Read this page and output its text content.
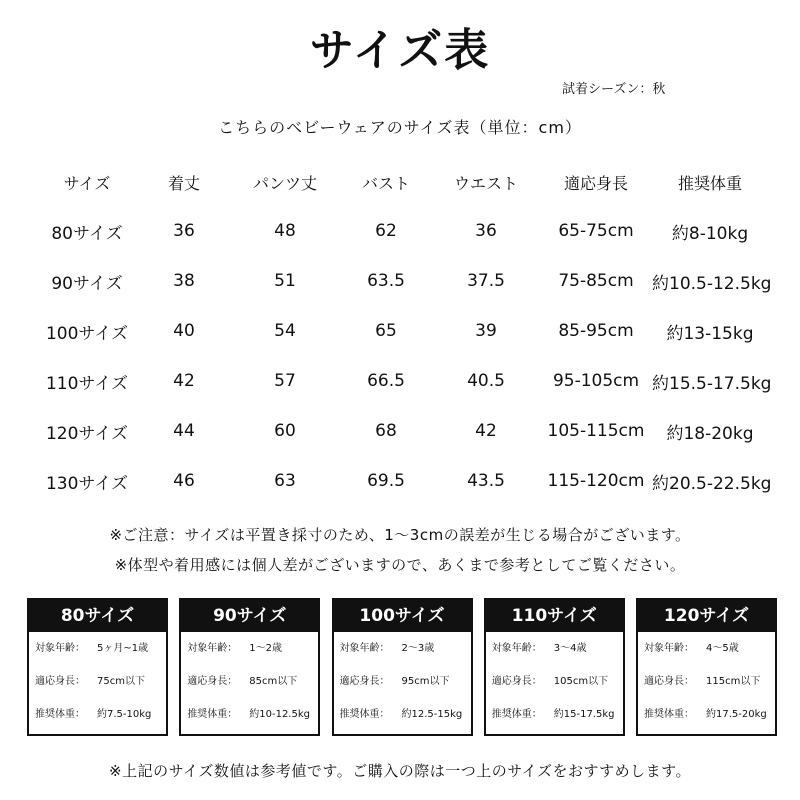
サイズ表
試着シーズン：秋
こちらのベビーウェアのサイズ表（単位：cm）
サイズ	着丈	パンツ丈	バスト	ウエスト	適応身長	推奨体重
80サイズ	36	48	62	36	65-75cm	約8-10kg
90サイズ	38	51	63.5	37.5	75-85cm	約10.5-12.5kg
100サイズ	40	54	65	39	85-95cm	約13-15kg
110サイズ	42	57	66.5	40.5	95-105cm	約15.5-17.5kg
120サイズ	44	60	68	42	105-115cm	約18-20kg
130サイズ	46	63	69.5	43.5	115-120cm	約20.5-22.5kg
※ご注意：サイズは平置き採寸のため、1～3cmの誤差が生じる場合がございます。
※体型や着用感には個人差がございますので、あくまで参考としてご覧ください。
80サイズ
対象年齢： 5ヶ月~1歳
適応身長： 75cm以下
推奨体重： 約7.5-10kg
90サイズ
対象年齢： 1～2歳
適応身長： 85cm以下
推奨体重： 約10-12.5kg
100サイズ
対象年齢： 2～3歳
適応身長： 95cm以下
推奨体重： 約12.5-15kg
110サイズ
対象年齢： 3～4歳
適応身長： 105cm以下
推奨体重： 約15-17.5kg
120サイズ
対象年齢： 4～5歳
適応身長： 115cm以下
推奨体重： 約17.5-20kg
※上記のサイズ数値は参考値です。ご購入の際は一つ上のサイズをおすすめします。
